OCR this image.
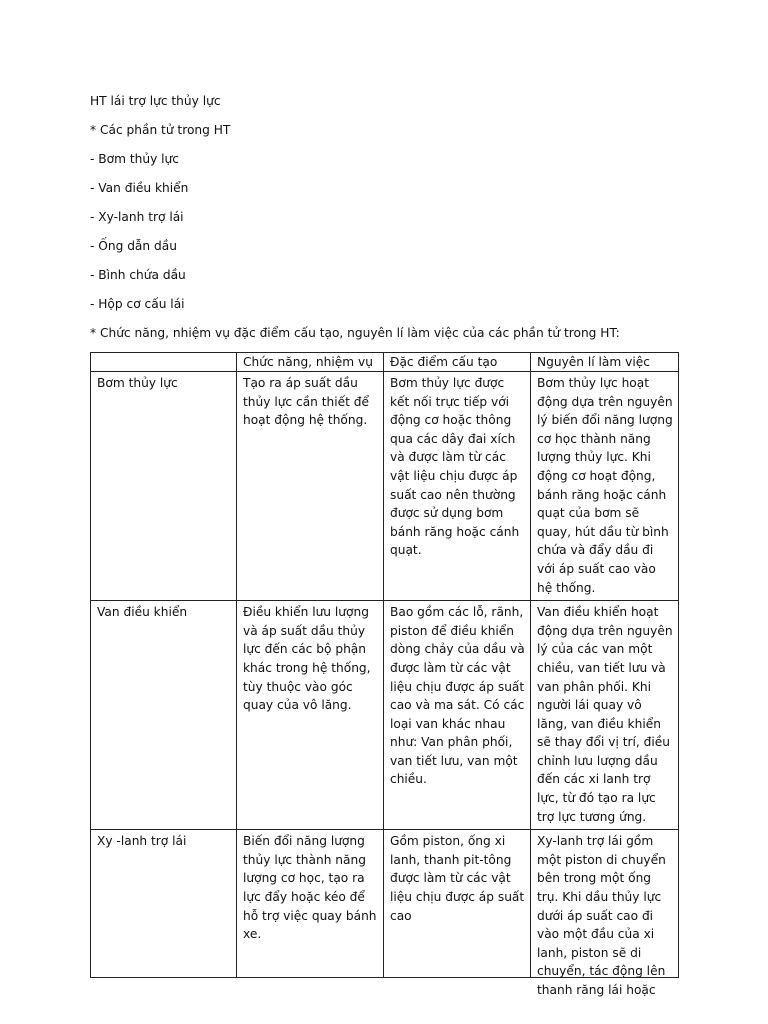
HT lái trợ lực thủy lực

* Các phần tử trong HT

- Bơm thủy lực

- Van điều khiển

- Xy-lanh trợ lái

- Ống dẫn dầu

- Bình chứa dầu

- Hộp cơ cấu lái

* Chức năng, nhiệm vụ đặc điểm cấu tạo, nguyên lí làm việc của các phần tử trong HT:

	Chức năng, nhiệm vụ	Đặc điểm cấu tạo	Nguyên lí làm việc
Bơm thủy lực	Tạo ra áp suất dầu thủy lực cần thiết để hoạt động hệ thống.	Bơm thủy lực được kết nối trực tiếp với động cơ hoặc thông qua các dây đai xích và được làm từ các vật liệu chịu được áp suất cao nên thường được sử dụng bơm bánh răng hoặc cánh quạt.	Bơm thủy lực hoạt động dựa trên nguyên lý biến đổi năng lượng cơ học thành năng lượng thủy lực. Khi động cơ hoạt động, bánh răng hoặc cánh quạt của bơm sẽ quay, hút dầu từ bình chứa và đẩy dầu đi với áp suất cao vào hệ thống.
Van điều khiển	Điều khiển lưu lượng và áp suất dầu thủy lực đến các bộ phận khác trong hệ thống, tùy thuộc vào góc quay của vô lăng.	Bao gồm các lỗ, rãnh, piston để điều khiển dòng chảy của dầu và được làm từ các vật liệu chịu được áp suất cao và ma sát. Có các loại van khác nhau như: Van phân phối, van tiết lưu, van một chiều.	Van điều khiển hoạt động dựa trên nguyên lý của các van một chiều, van tiết lưu và van phân phối. Khi người lái quay vô lăng, van điều khiển sẽ thay đổi vị trí, điều chỉnh lưu lượng dầu đến các xi lanh trợ lực, từ đó tạo ra lực trợ lực tương ứng.

Xy -lanh trợ lái	Biến đổi năng lượng thủy lực thành năng lượng cơ học, tạo ra lực đẩy hoặc kéo để hỗ trợ việc quay bánh xe.	Gồm piston, ống xi lanh, thanh pit-tông được làm từ các vật liệu chịu được áp suất cao	Xy-lanh trợ lái gồm một piston di chuyển bên trong một ống trụ. Khi dầu thủy lực dưới áp suất cao đi vào một đầu của xi lanh, piston sẽ di chuyển, tác động lên thanh răng lái hoặc
